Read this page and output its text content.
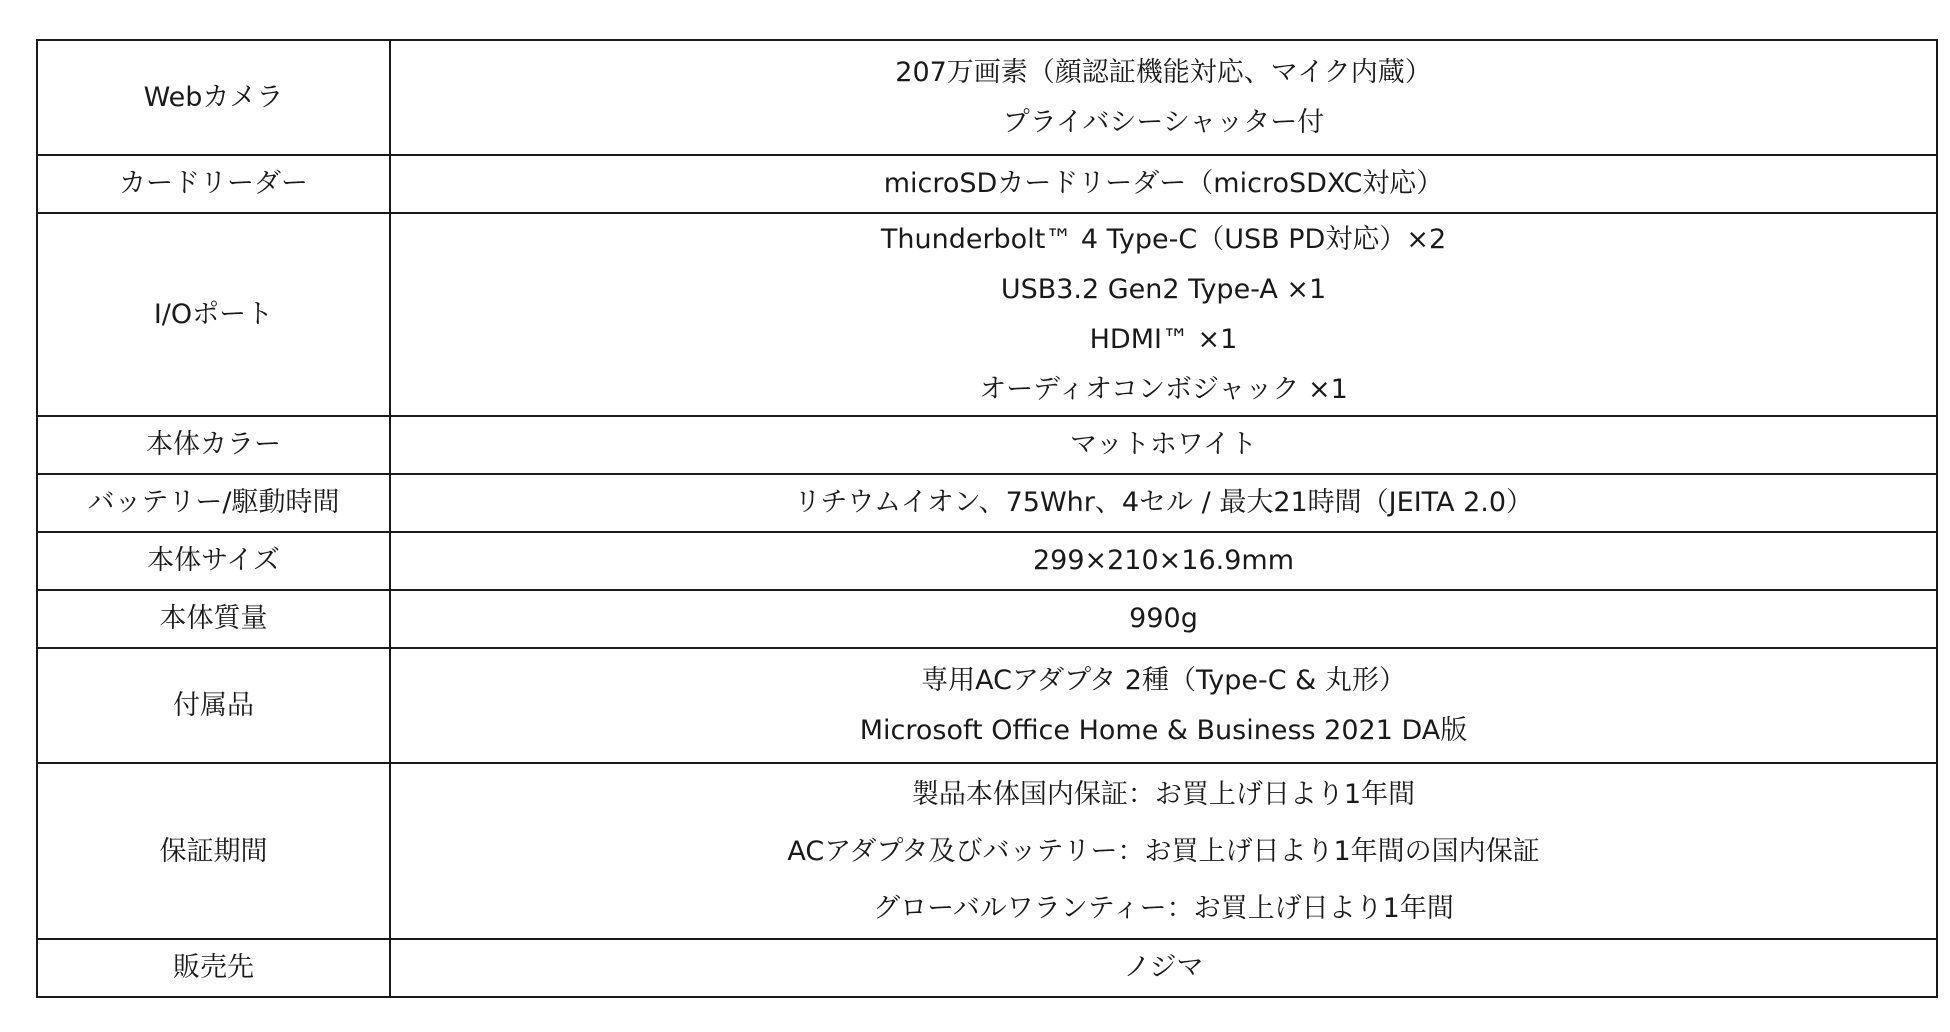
Webカメラ	207万画素（顔認証機能対応、マイク内蔵）
プライバシーシャッター付

カードリーダー	microSDカードリーダー（microSDXC対応）

I/Oポート	Thunderbolt™ 4 Type-C（USB PD対応）×2
USB3.2 Gen2 Type-A ×1
HDMI™ ×1
オーディオコンボジャック ×1

本体カラー	マットホワイト

バッテリー/駆動時間	リチウムイオン、75Whr、4セル / 最大21時間（JEITA 2.0）

本体サイズ	299×210×16.9mm

本体質量	990g

付属品	専用ACアダプタ 2種（Type-C & 丸形）
Microsoft Office Home & Business 2021 DA版

保証期間	製品本体国内保証：お買上げ日より1年間
ACアダプタ及びバッテリー：お買上げ日より1年間の国内保証
グローバルワランティー：お買上げ日より1年間

販売先	ノジマ
